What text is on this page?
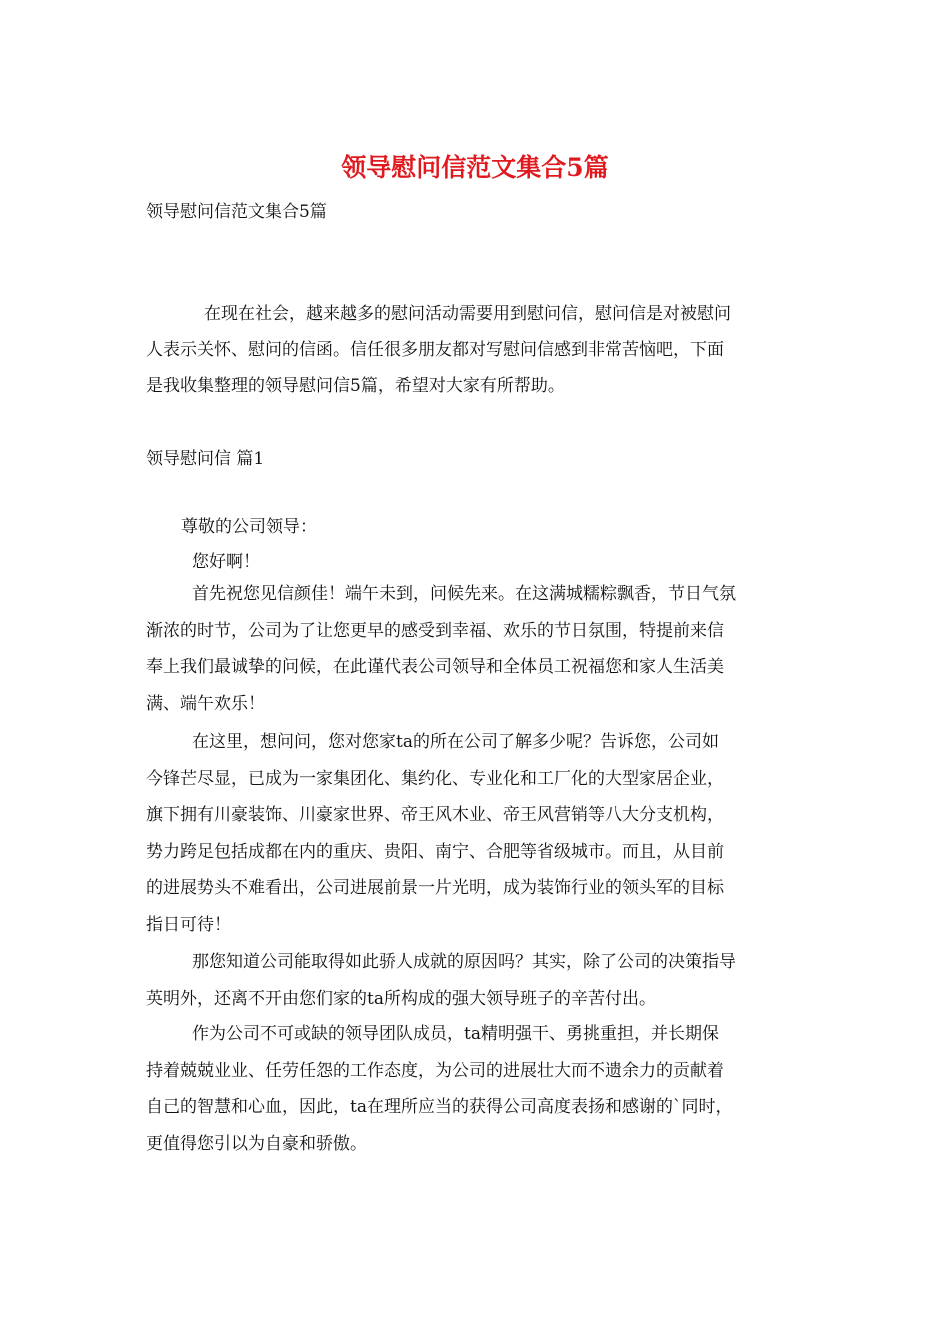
领导慰问信范文集合5篇
领导慰问信范文集合5篇
在现在社会，越来越多的慰问活动需要用到慰问信，慰问信是对被慰问
人表示关怀、慰问的信函。信任很多朋友都对写慰问信感到非常苦恼吧，下面
是我收集整理的领导慰问信5篇，希望对大家有所帮助。
领导慰问信 篇1
尊敬的公司领导：
您好啊！
首先祝您见信颜佳！端午未到，问候先来。在这满城糯粽飘香，节日气氛
渐浓的时节，公司为了让您更早的感受到幸福、欢乐的节日氛围，特提前来信
奉上我们最诚挚的问候，在此谨代表公司领导和全体员工祝福您和家人生活美
满、端午欢乐！
在这里，想问问，您对您家ta的所在公司了解多少呢？告诉您，公司如
今锋芒尽显，已成为一家集团化、集约化、专业化和工厂化的大型家居企业，
旗下拥有川豪装饰、川豪家世界、帝王风木业、帝王风营销等八大分支机构，
势力跨足包括成都在内的重庆、贵阳、南宁、合肥等省级城市。而且，从目前
的进展势头不难看出，公司进展前景一片光明，成为装饰行业的领头军的目标
指日可待！
那您知道公司能取得如此骄人成就的原因吗？其实，除了公司的决策指导
英明外，还离不开由您们家的ta所构成的强大领导班子的辛苦付出。
作为公司不可或缺的领导团队成员，ta精明强干、勇挑重担，并长期保
持着兢兢业业、任劳任怨的工作态度，为公司的进展壮大而不遗余力的贡献着
自己的智慧和心血，因此，ta在理所应当的获得公司高度表扬和感谢的`同时，
更值得您引以为自豪和骄傲。
